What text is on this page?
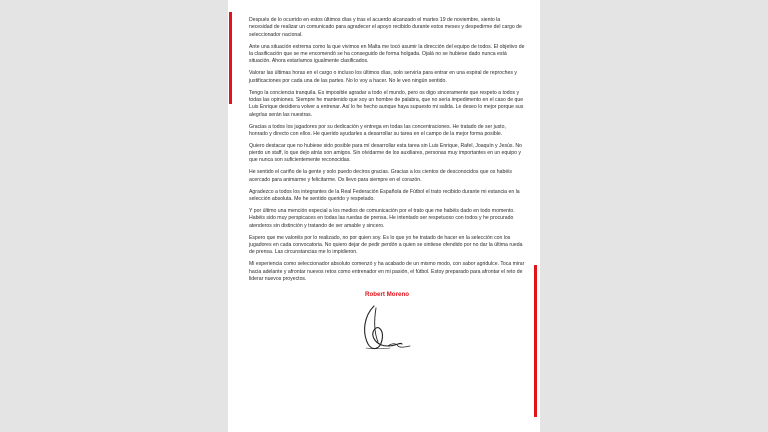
Después de lo ocurrido en estos últimos días y tras el acuerdo alcanzado el martes 19 de noviembre, siento la necesidad de realizar un comunicado para agradecer el apoyo recibido durante estos meses y despedirme del cargo de seleccionador nacional.

Ante una situación extrema como la que vivimos en Malta me tocó asumir la dirección del equipo de todos. El objetivo de la clasificación que se me encomendó se ha conseguido de forma holgada. Ojalá no se hubiese dado nunca está situación. Ahora estaríamos igualmente clasificados.

Valorar las últimas horas en el cargo o incluso los últimos días, solo serviría para entrar en una espiral de reproches y justificaciones por cada una de las partes. No lo voy a hacer. No le veo ningún sentido.

Tengo la conciencia tranquila. Es imposible agradar a todo el mundo, pero os digo sinceramente que respeto a todos y todas las opiniones. Siempre he mantenido que soy un hombre de palabra, que no sería impedimento en el caso de que Luis Enrique decidiera volver a entrenar. Así lo he hecho aunque haya supuesto mi salida. Le deseo lo mejor porque sus alegrías serán las nuestras.

Gracias a todos los jugadores por su dedicación y entrega en todas las concentraciones. He tratado de ser justo, honrado y directo con ellos. He querido ayudarles a desarrollar su tarea en el campo de la mejor forma posible.

Quiero destacar que no hubiese sido posible para mí desarrollar esta tarea sin Luis Enrique, Rafel, Joaquín y Jesús. No pierdo un staff, lo que dejo atrás son amigos. Sin olvidarme de los auxiliares, personas muy importantes en un equipo y que nunca son suficientemente reconocidas.

He sentido el cariño de la gente y solo puedo deciros gracias. Gracias a los cientos de desconocidos que os habéis acercado para animarme y felicitarme. Os llevo para siempre en el corazón.

Agradezco a todos los integrantes de la Real Federación Española de Fútbol el trato recibido durante mi estancia en la selección absoluta. Me he sentido querido y respetado.

Y por último una mención especial a los medios de comunicación por el trato que me habéis dado en todo momento. Habéis sido muy perspicaces en todas las ruedas de prensa. He intentado ser respetuoso con todos y he procurado atenderos sin distinción y tratando de ser amable y sincero.

Espero que me valoréis por lo realizado, no por quien soy. Es lo que yo he tratado de hacer en la selección con los jugadores en cada convocatoria. No quiero dejar de pedir perdón a quien se sintiese ofendido por no dar la última rueda de prensa. Las circunstancias me lo impidieron.

Mi experiencia como seleccionador absoluto comenzó y ha acabado de un mismo modo, con sabor agridulce. Toca mirar hacia adelante y afrontar nuevos retos como entrenador en mi pasión, el fútbol. Estoy preparado para afrontar el reto de liderar nuevos proyectos.

Robert Moreno
